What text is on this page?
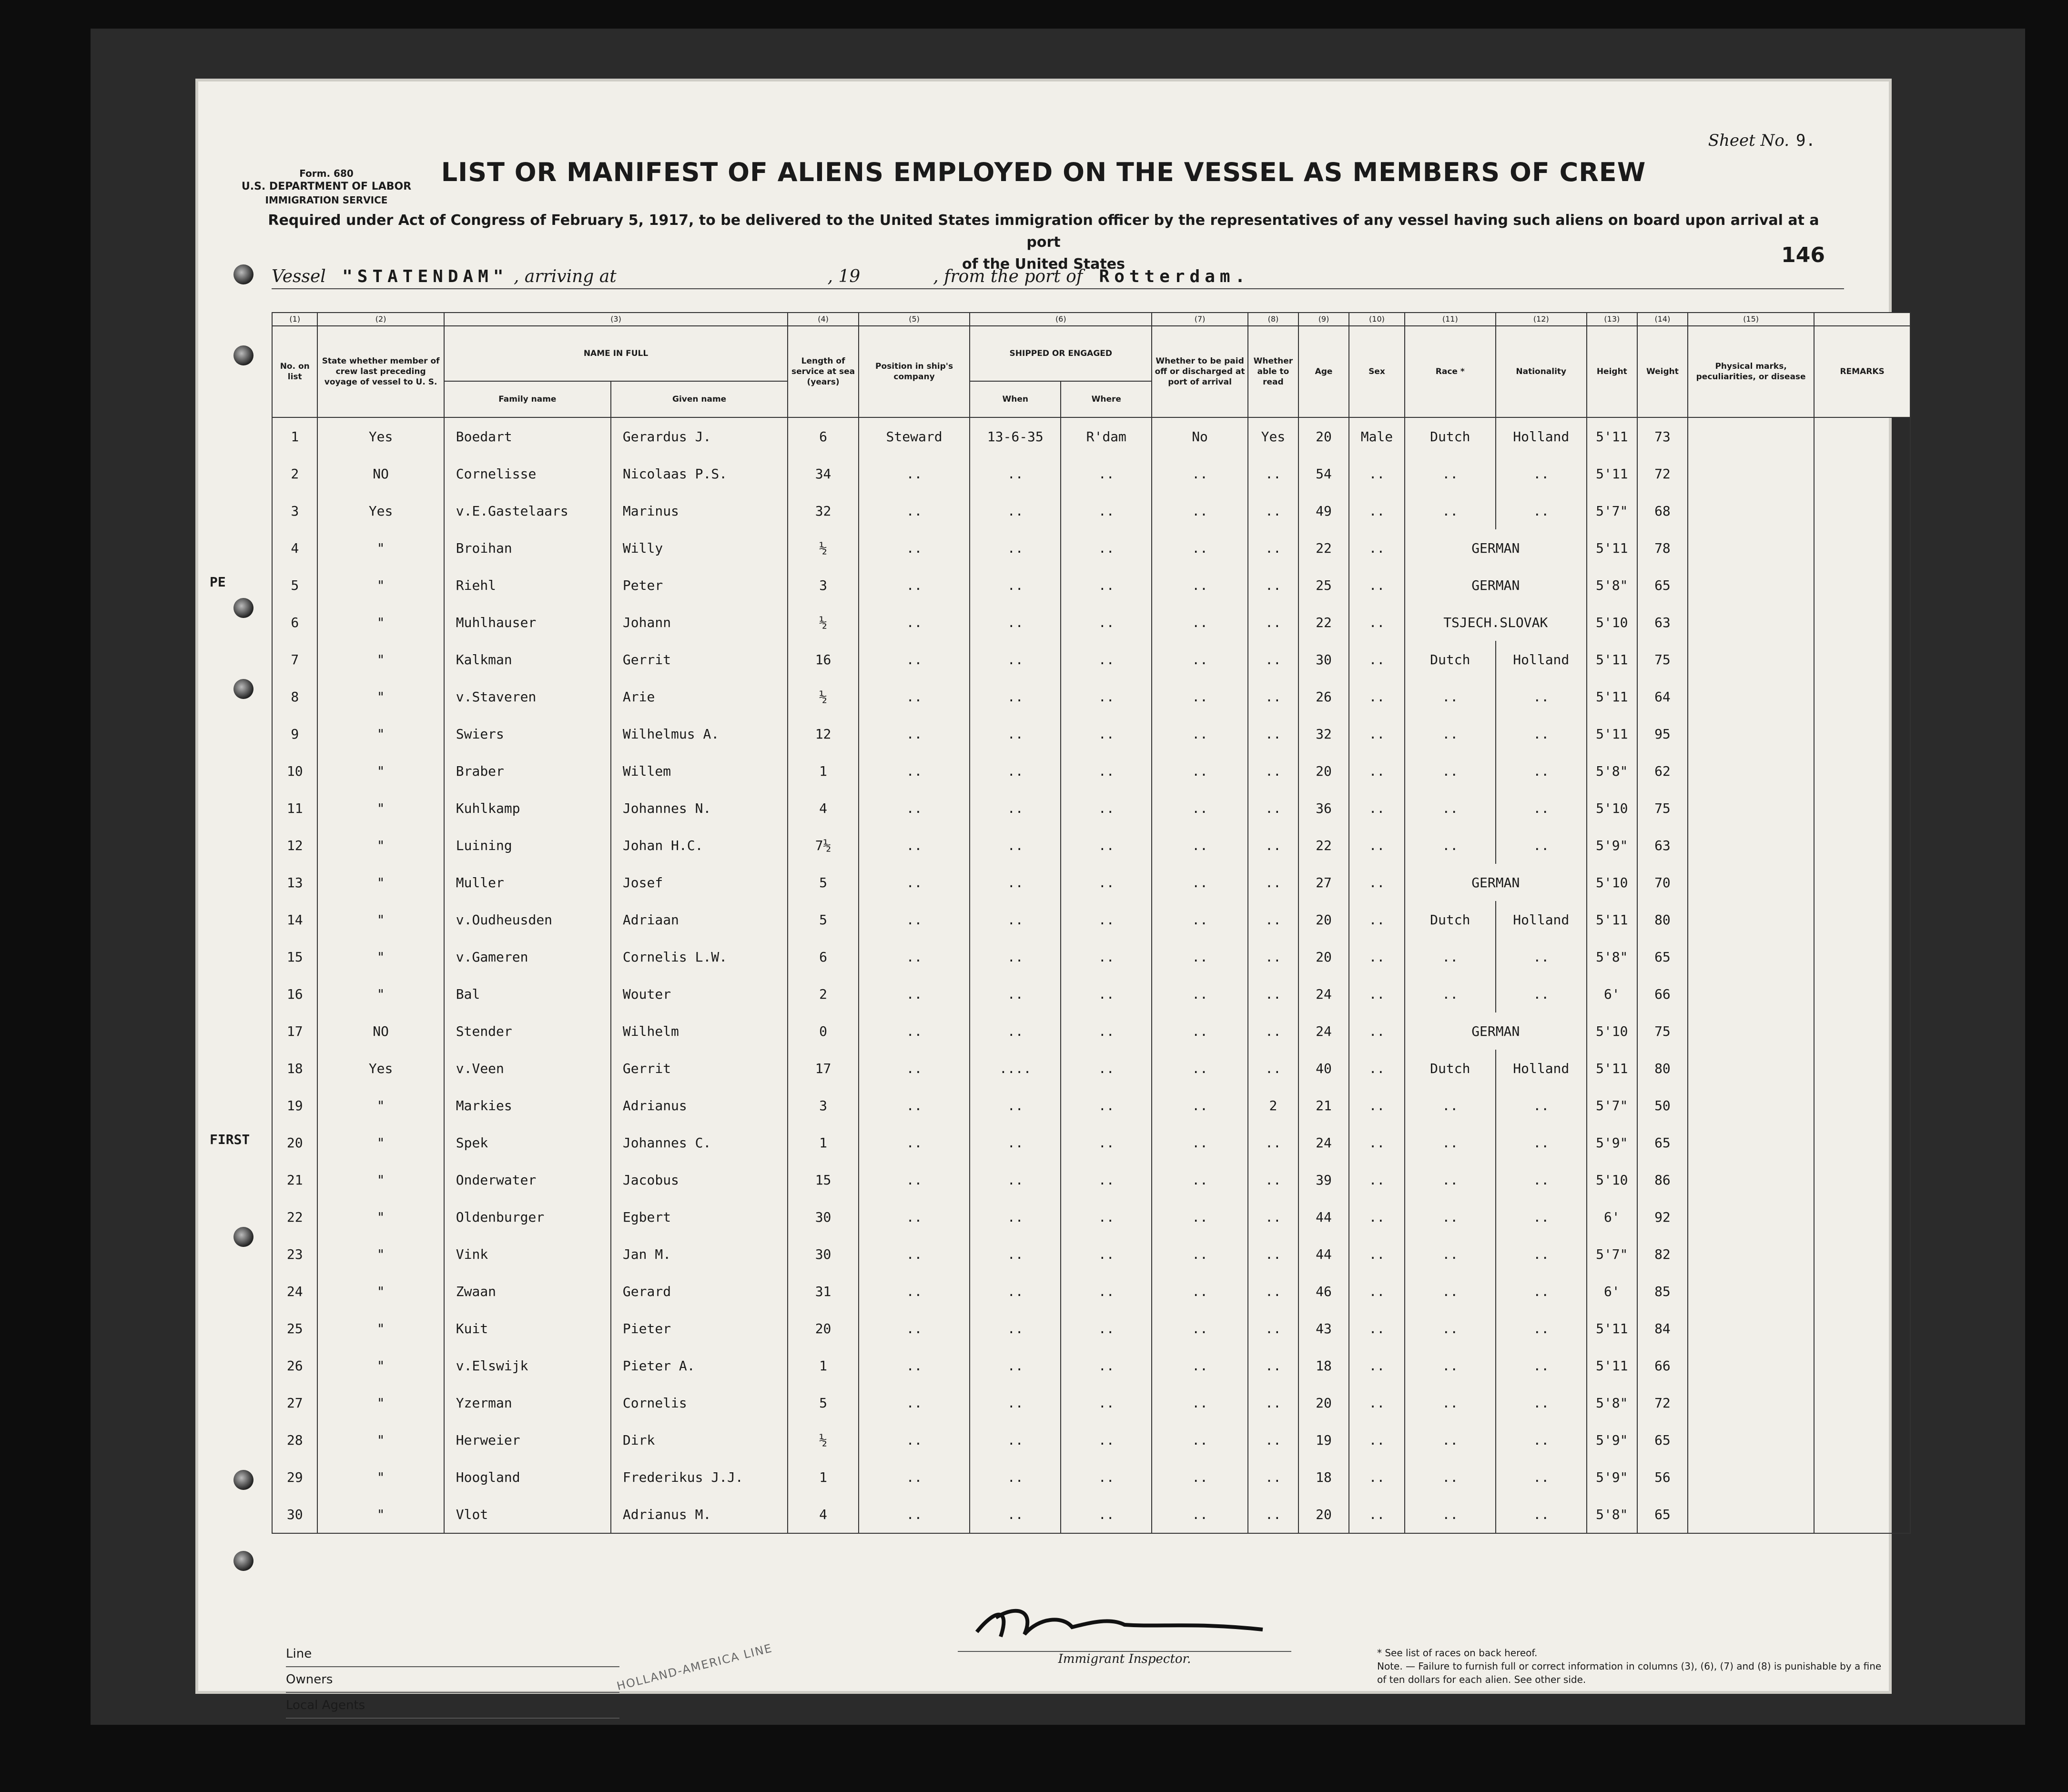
Form. 680
U.S. DEPARTMENT OF LABOR
IMMIGRATION SERVICE
Sheet No. 9.
LIST OR MANIFEST OF ALIENS EMPLOYED ON THE VESSEL AS MEMBERS OF CREW
Required under Act of Congress of February 5, 1917, to be delivered to the United States immigration officer by the representatives of any vessel having such aliens on board upon arrival at a port
of the United States	146
Vessel "STATENDAM" , arriving at	, 19	, from the port of Rotterdam.
PE
FIRST
(1)	(2)	(3)		(4)	(5)	(6)		(7)	(8)	(9)	(10)	(11)	(12)	(13)	(14)	(15)	
No. on list	State whether member of crew last preceding voyage of vessel to U. S.	NAME IN FULL		Length of service at sea (years)	Position in ship's company	SHIPPED OR ENGAGED		Whether to be paid off or discharged at port of arrival	Whether able to read	Age	Sex	Race *	Nationality	Height	Weight	Physical marks, peculiarities, or disease	REMARKS
		Family name	Given name			When	Where										
1	Yes	Boedart	Gerardus J.	6	Steward	13-6-35	R'dam	No	Yes	20	Male	Dutch	Holland	5'11	73		
2	NO	Cornelisse	Nicolaas P.S.	34	..	..	..	..	..	54	..	..	..	5'11	72		
3	Yes	v.E.Gastelaars	Marinus	32	..	..	..	..	..	49	..	..	..	5'7"	68		
4	"	Broihan	Willy	½	..	..	..	..	..	22	..	GERMAN		5'11	78		
5	"	Riehl	Peter	3	..	..	..	..	..	25	..	GERMAN		5'8"	65		
6	"	Muhlhauser	Johann	½	..	..	..	..	..	22	..	TSJECH.SLOVAK		5'10	63		
7	"	Kalkman	Gerrit	16	..	..	..	..	..	30	..	Dutch	Holland	5'11	75		
8	"	v.Staveren	Arie	½	..	..	..	..	..	26	..	..	..	5'11	64		
9	"	Swiers	Wilhelmus A.	12	..	..	..	..	..	32	..	..	..	5'11	95		
10	"	Braber	Willem	1	..	..	..	..	..	20	..	..	..	5'8"	62		
11	"	Kuhlkamp	Johannes N.	4	..	..	..	..	..	36	..	..	..	5'10	75		
12	"	Luining	Johan H.C.	7½	..	..	..	..	..	22	..	..	..	5'9"	63		
13	"	Muller	Josef	5	..	..	..	..	..	27	..	GERMAN		5'10	70		
14	"	v.Oudheusden	Adriaan	5	..	..	..	..	..	20	..	Dutch	Holland	5'11	80		
15	"	v.Gameren	Cornelis L.W.	6	..	..	..	..	..	20	..	..	..	5'8"	65		
16	"	Bal	Wouter	2	..	..	..	..	..	24	..	..	..	6'	66		
17	NO	Stender	Wilhelm	0	..	..	..	..	..	24	..	GERMAN		5'10	75		
18	Yes	v.Veen	Gerrit	17	..	....	..	..	..	40	..	Dutch	Holland	5'11	80		
19	"	Markies	Adrianus	3	..	..	..	..	2	21	..	..	..	5'7"	50		
20	"	Spek	Johannes C.	1	..	..	..	..	..	24	..	..	..	5'9"	65		
21	"	Onderwater	Jacobus	15	..	..	..	..	..	39	..	..	..	5'10	86		
22	"	Oldenburger	Egbert	30	..	..	..	..	..	44	..	..	..	6'	92		
23	"	Vink	Jan M.	30	..	..	..	..	..	44	..	..	..	5'7"	82		
24	"	Zwaan	Gerard	31	..	..	..	..	..	46	..	..	..	6'	85		
25	"	Kuit	Pieter	20	..	..	..	..	..	43	..	..	..	5'11	84		
26	"	v.Elswijk	Pieter A.	1	..	..	..	..	..	18	..	..	..	5'11	66		
27	"	Yzerman	Cornelis	5	..	..	..	..	..	20	..	..	..	5'8"	72		
28	"	Herweier	Dirk	½	..	..	..	..	..	19	..	..	..	5'9"	65		
29	"	Hoogland	Frederikus J.J.	1	..	..	..	..	..	18	..	..	..	5'9"	56		
30	"	Vlot	Adrianus M.	4	..	..	..	..	..	20	..	..	..	5'8"	65		
Line
Owners
Local Agents
HOLLAND-AMERICA LINE	Immigrant Inspector.	* See list of races on back hereof.
Note. — Failure to furnish full or correct information in columns (3), (6), (7) and (8) is punishable by a fine of ten dollars for each alien. See other side.
